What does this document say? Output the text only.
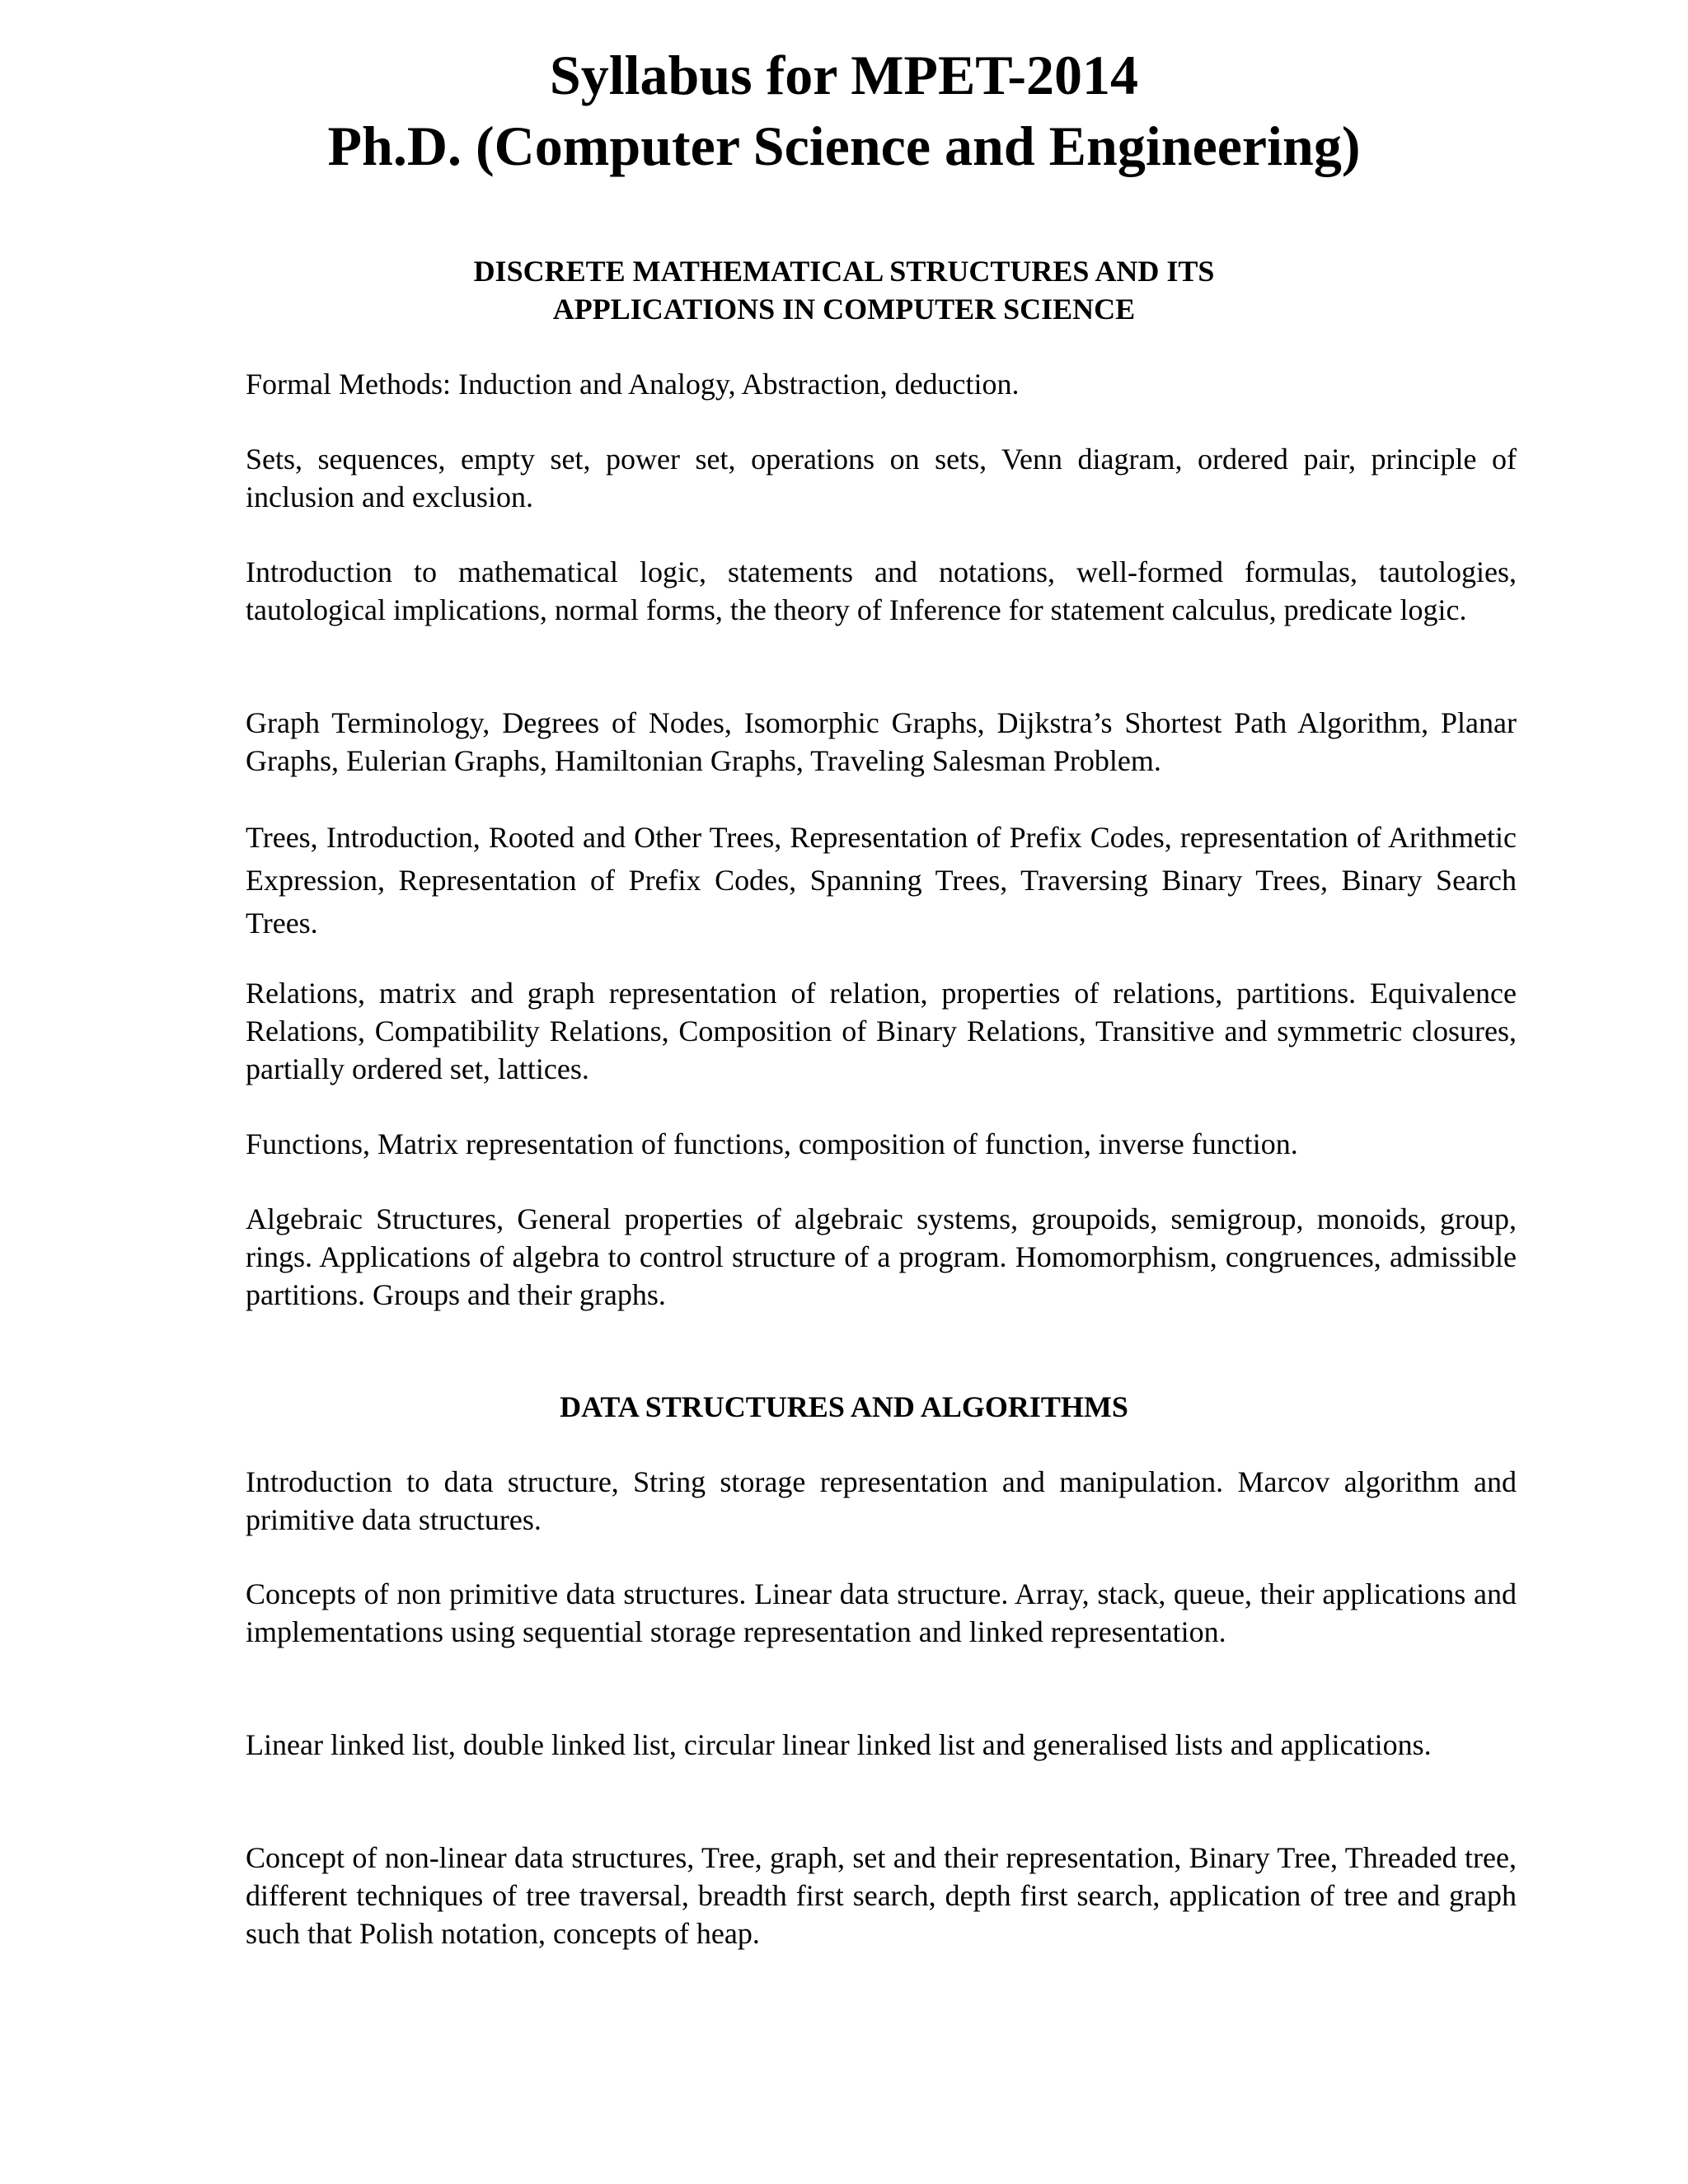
Syllabus for MPET-2014
Ph.D. (Computer Science and Engineering)
DISCRETE MATHEMATICAL STRUCTURES AND ITS
APPLICATIONS IN COMPUTER SCIENCE

Formal Methods: Induction and Analogy, Abstraction, deduction.

Sets, sequences, empty set, power set, operations on sets, Venn diagram, ordered pair, principle of inclusion and exclusion.

Introduction to mathematical logic, statements and notations, well-formed formulas, tautologies, tautological implications, normal forms, the theory of Inference for statement calculus, predicate logic.

Graph Terminology, Degrees of Nodes, Isomorphic Graphs, Dijkstra’s Shortest Path Algorithm, Planar Graphs, Eulerian Graphs, Hamiltonian Graphs, Traveling Salesman Problem.

Trees, Introduction, Rooted and Other Trees, Representation of Prefix Codes, representation of Arithmetic Expression, Representation of Prefix Codes, Spanning Trees, Traversing Binary Trees, Binary Search Trees.

Relations, matrix and graph representation of relation, properties of relations, partitions. Equivalence Relations, Compatibility Relations, Composition of Binary Relations, Transitive and symmetric closures, partially ordered set, lattices.

Functions, Matrix representation of functions, composition of function, inverse function.

Algebraic Structures, General properties of algebraic systems, groupoids, semigroup, monoids, group, rings. Applications of algebra to control structure of a program. Homomorphism, congruences, admissible partitions. Groups and their graphs.

DATA STRUCTURES AND ALGORITHMS

Introduction to data structure, String storage representation and manipulation. Marcov algorithm and primitive data structures.

Concepts of non primitive data structures. Linear data structure. Array, stack, queue, their applications and implementations using sequential storage representation and linked representation.

Linear linked list, double linked list, circular linear linked list and generalised lists and applications.

Concept of non-linear data structures, Tree, graph, set and their representation, Binary Tree, Threaded tree, different techniques of tree traversal, breadth first search, depth first search, application of tree and graph such that Polish notation, concepts of heap.
